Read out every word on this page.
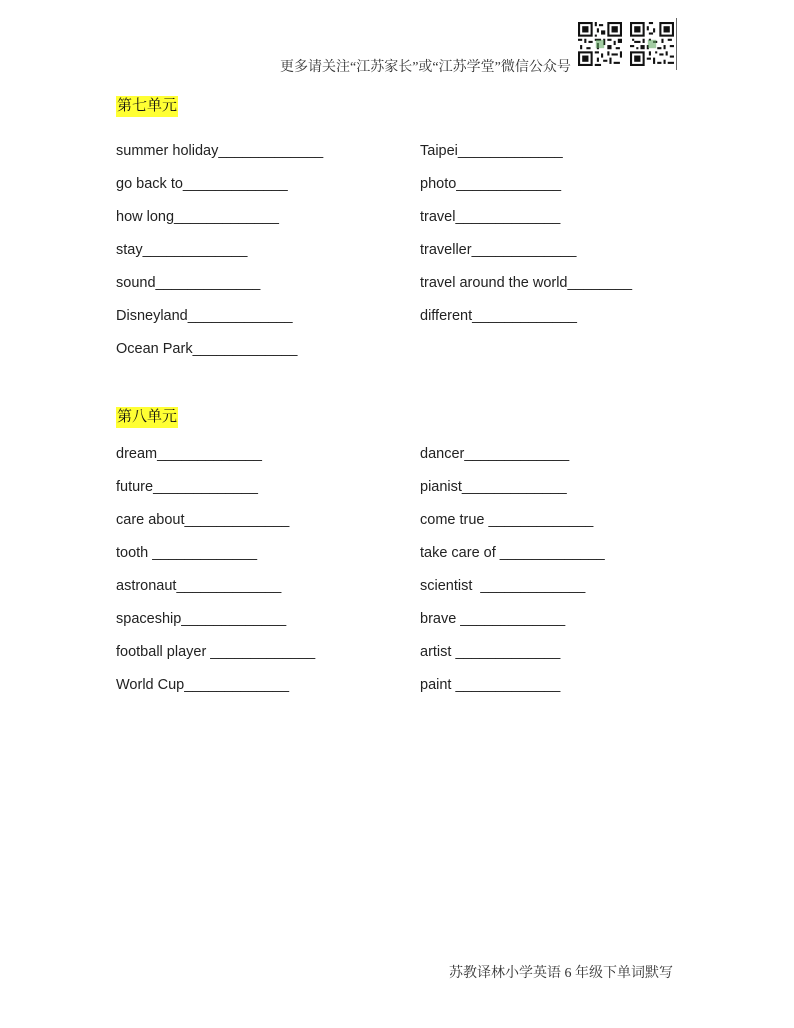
更多请关注“江苏家长”或“江苏学堂”微信公众号
第七单元
summer holiday_____________
go back to_____________
how long_____________
stay_____________
sound_____________
Disneyland_____________
Ocean Park_____________
Taipei_____________
photo_____________
travel_____________
traveller_____________
travel around the world________
different_____________
第八单元
dream_____________
future_____________
care about_____________
tooth _____________
astronaut_____________
spaceship_____________
football player _____________
World Cup_____________
dancer_____________
pianist_____________
come true _____________
take care of _____________
scientist  _____________
brave _____________
artist _____________
paint _____________
苏教译林小学英语 6 年级下单词默写
